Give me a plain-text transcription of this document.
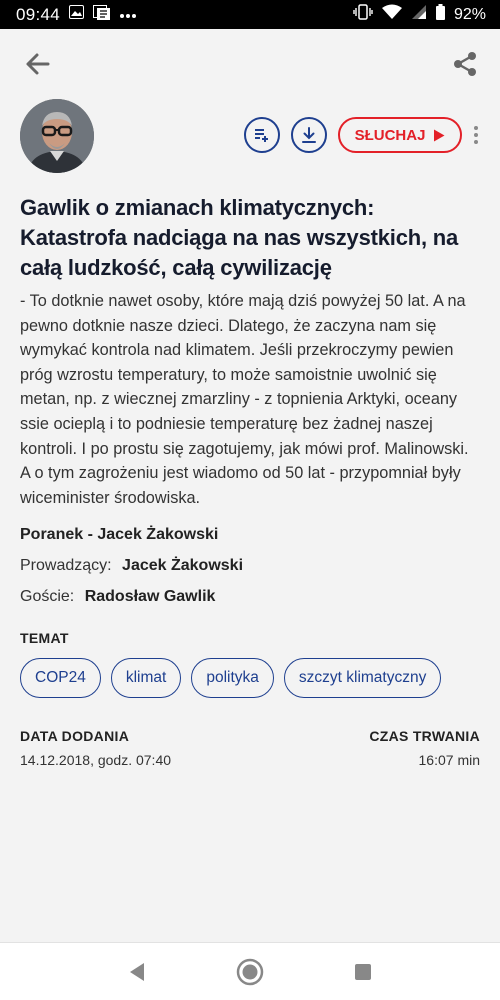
09:44	92%
SŁUCHAJ
Gawlik o zmianach klimatycznych: Katastrofa nadciąga na nas wszystkich, na całą ludzkość, całą cywilizację

- To dotknie nawet osoby, które mają dziś powyżej 50 lat. A na pewno dotknie nasze dzieci. Dlatego, że zaczyna nam się wymykać kontrola nad klimatem. Jeśli przekroczymy pewien próg wzrostu temperatury, to może samoistnie uwolnić się metan, np. z wiecznej zmarzliny - z topnienia Arktyki, oceany ssie ocieplą i to podniesie temperaturę bez żadnej naszej kontroli. I po prostu się zagotujemy, jak mówi prof. Malinowski. A o tym zagrożeniu jest wiadomo od 50 lat - przypomniał były wiceminister środowiska.

Poranek - Jacek Żakowski
Prowadzący: Jacek Żakowski
Goście: Radosław Gawlik
TEMAT
COP24	klimat	polityka	szczyt klimatyczny
DATA DODANIA
14.12.2018, godz. 07:40
CZAS TRWANIA
16:07 min
